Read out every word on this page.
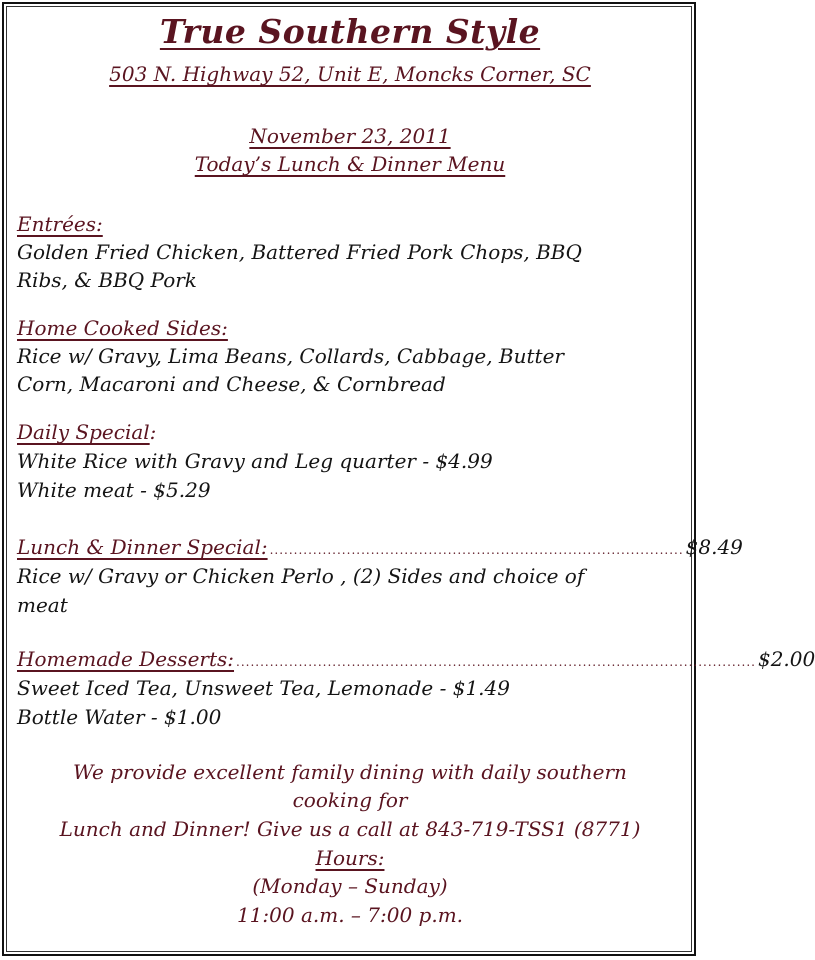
True Southern Style
503 N. Highway 52, Unit E, Moncks Corner, SC
November 23, 2011
Today’s Lunch & Dinner Menu
Entrées:
Golden Fried Chicken, Battered Fried Pork Chops, BBQ
Ribs, & BBQ Pork
Home Cooked Sides:
Rice w/ Gravy, Lima Beans, Collards, Cabbage, Butter
Corn, Macaroni and Cheese, & Cornbread
Daily Special:
White Rice with Gravy and Leg quarter - $4.99
White meat - $5.29
Lunch & Dinner Special: ...................................................................................... $8.49
Rice w/ Gravy or Chicken Perlo , (2) Sides and choice of
meat
Homemade Desserts: ............................................................................................................ $2.00
Sweet Iced Tea, Unsweet Tea, Lemonade - $1.49
Bottle Water - $1.00
We provide excellent family dining with daily southern
cooking for
Lunch and Dinner! Give us a call at 843-719-TSS1 (8771)
Hours:
(Monday – Sunday)
11:00 a.m. – 7:00 p.m.
